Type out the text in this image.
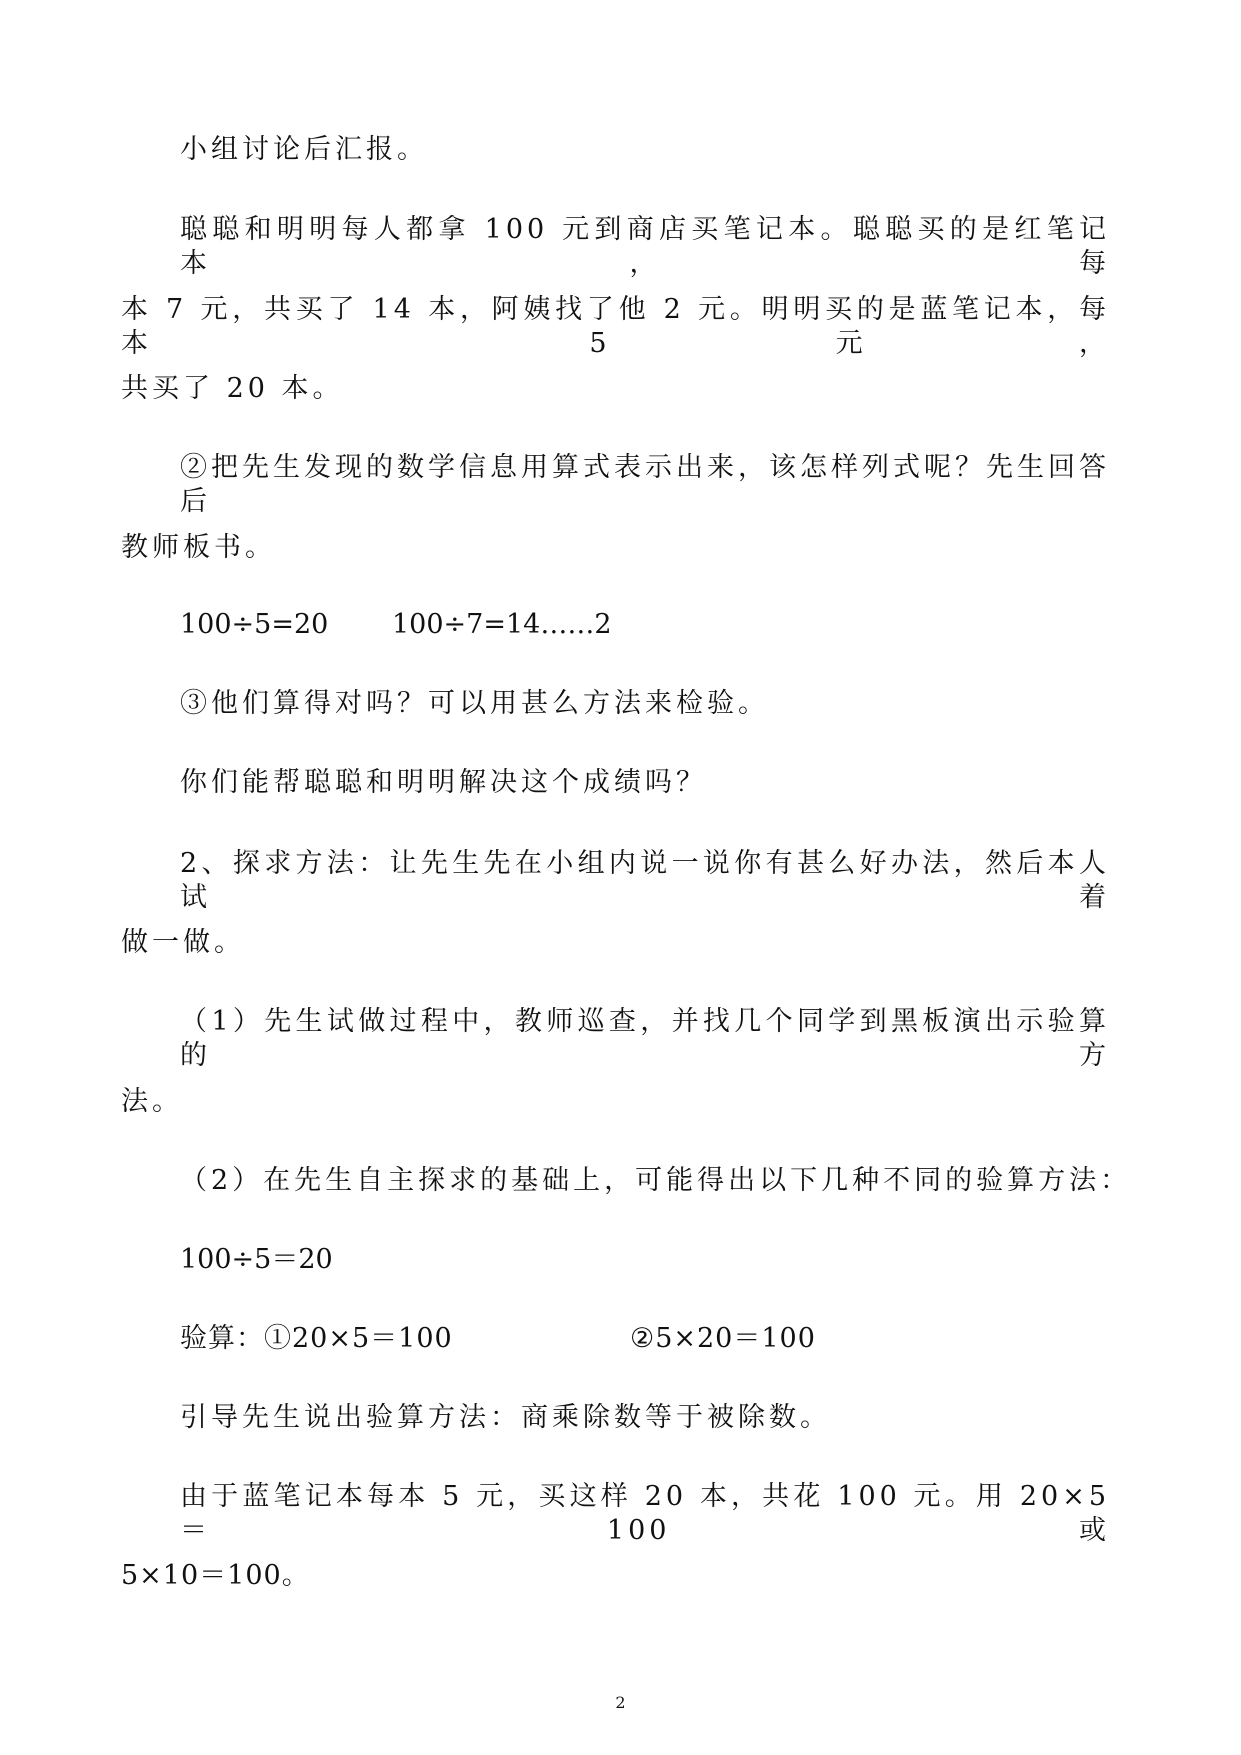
小组讨论后汇报。
聪聪和明明每人都拿 100 元到商店买笔记本。聪聪买的是红笔记本，每
本 7 元，共买了 14 本，阿姨找了他 2 元。明明买的是蓝笔记本，每本 5 元，
共买了 20 本。
②把先生发现的数学信息用算式表示出来，该怎样列式呢？先生回答后
教师板书。
100÷5=20 100÷7=14……2
③他们算得对吗？可以用甚么方法来检验。
你们能帮聪聪和明明解决这个成绩吗？
2、探求方法：让先生先在小组内说一说你有甚么好办法，然后本人试着
做一做。
（1）先生试做过程中，教师巡查，并找几个同学到黑板演出示验算的方
法。
（2）在先生自主探求的基础上，可能得出以下几种不同的验算方法：
100÷5＝20
验算：①20×5＝100	②5×20＝100
引导先生说出验算方法：商乘除数等于被除数。
由于蓝笔记本每本 5 元，买这样 20 本，共花 100 元。用 20×5＝100 或
5×10＝100。
2
